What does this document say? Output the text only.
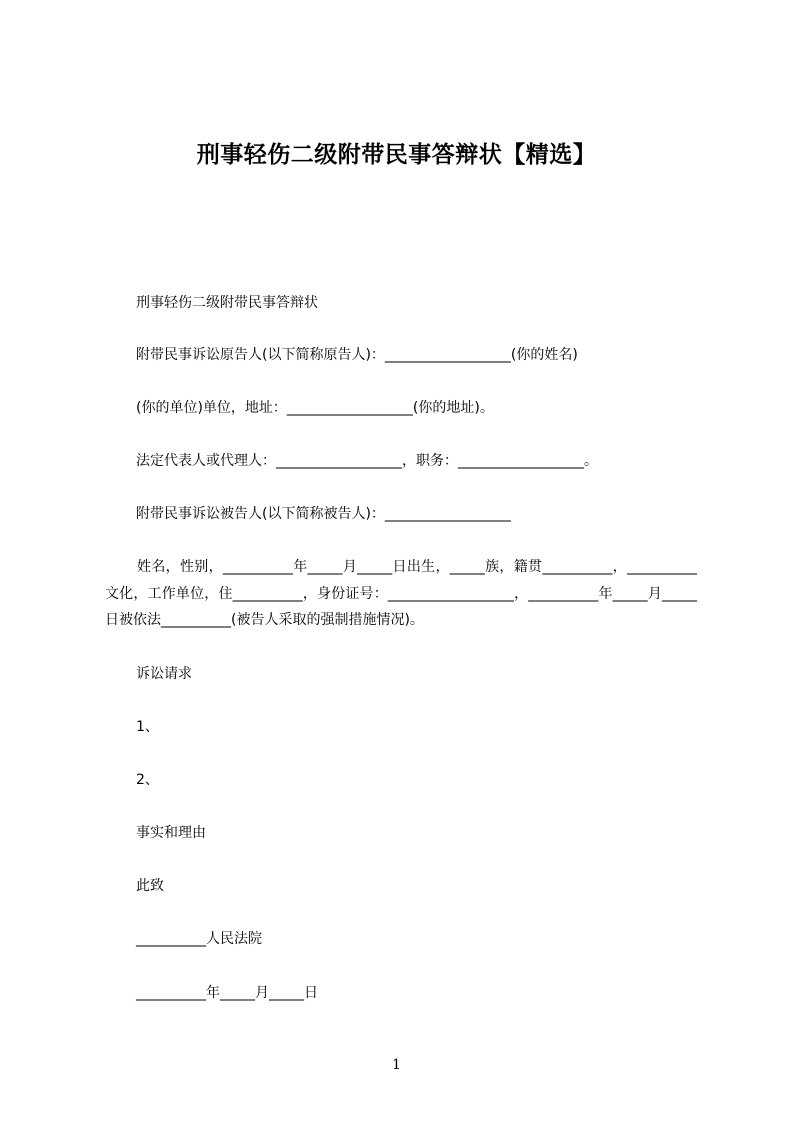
刑事轻伤二级附带民事答辩状【精选】
刑事轻伤二级附带民事答辩状
附带民事诉讼原告人(以下简称原告人)：__________________(你的姓名)
(你的单位)单位，地址：__________________(你的地址)。
法定代表人或代理人：__________________，职务：__________________。
附带民事诉讼被告人(以下简称被告人)：__________________
姓名，性别，__________年_____月_____日出生，_____族，籍贯__________，__________文化，工作单位，住__________，身份证号：__________________，__________年_____月_____日被依法__________(被告人采取的强制措施情况)。
诉讼请求
1、
2、
事实和理由
此致
__________人民法院
__________年_____月_____日
1
